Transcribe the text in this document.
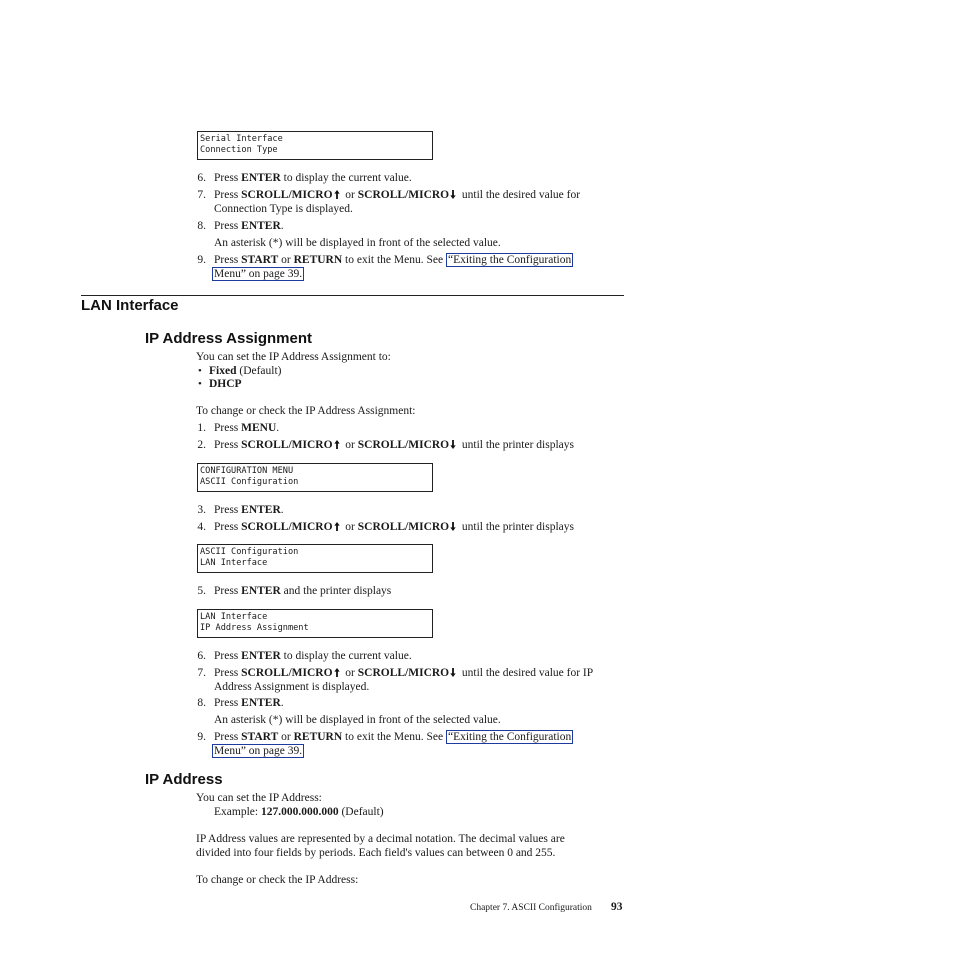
Serial Interface
Connection Type
6. Press ENTER to display the current value.
7. Press SCROLL/MICRO or SCROLL/MICRO until the desired value for
Connection Type is displayed.
8. Press ENTER.
An asterisk (*) will be displayed in front of the selected value.
9. Press START or RETURN to exit the Menu. See “Exiting the Configuration
Menu” on page 39.
LAN Interface
IP Address Assignment
You can set the IP Address Assignment to:
• Fixed (Default)
• DHCP
To change or check the IP Address Assignment:
1. Press MENU.
2. Press SCROLL/MICRO or SCROLL/MICRO until the printer displays
CONFIGURATION MENU
ASCII Configuration
3. Press ENTER.
4. Press SCROLL/MICRO or SCROLL/MICRO until the printer displays
ASCII Configuration
LAN Interface
5. Press ENTER and the printer displays
LAN Interface
IP Address Assignment
6. Press ENTER to display the current value.
7. Press SCROLL/MICRO or SCROLL/MICRO until the desired value for IP
Address Assignment is displayed.
8. Press ENTER.
An asterisk (*) will be displayed in front of the selected value.
9. Press START or RETURN to exit the Menu. See “Exiting the Configuration
Menu” on page 39.
IP Address
You can set the IP Address:
Example: 127.000.000.000 (Default)
IP Address values are represented by a decimal notation. The decimal values are
divided into four fields by periods. Each field's values can between 0 and 255.
To change or check the IP Address:
Chapter 7. ASCII Configuration 93
